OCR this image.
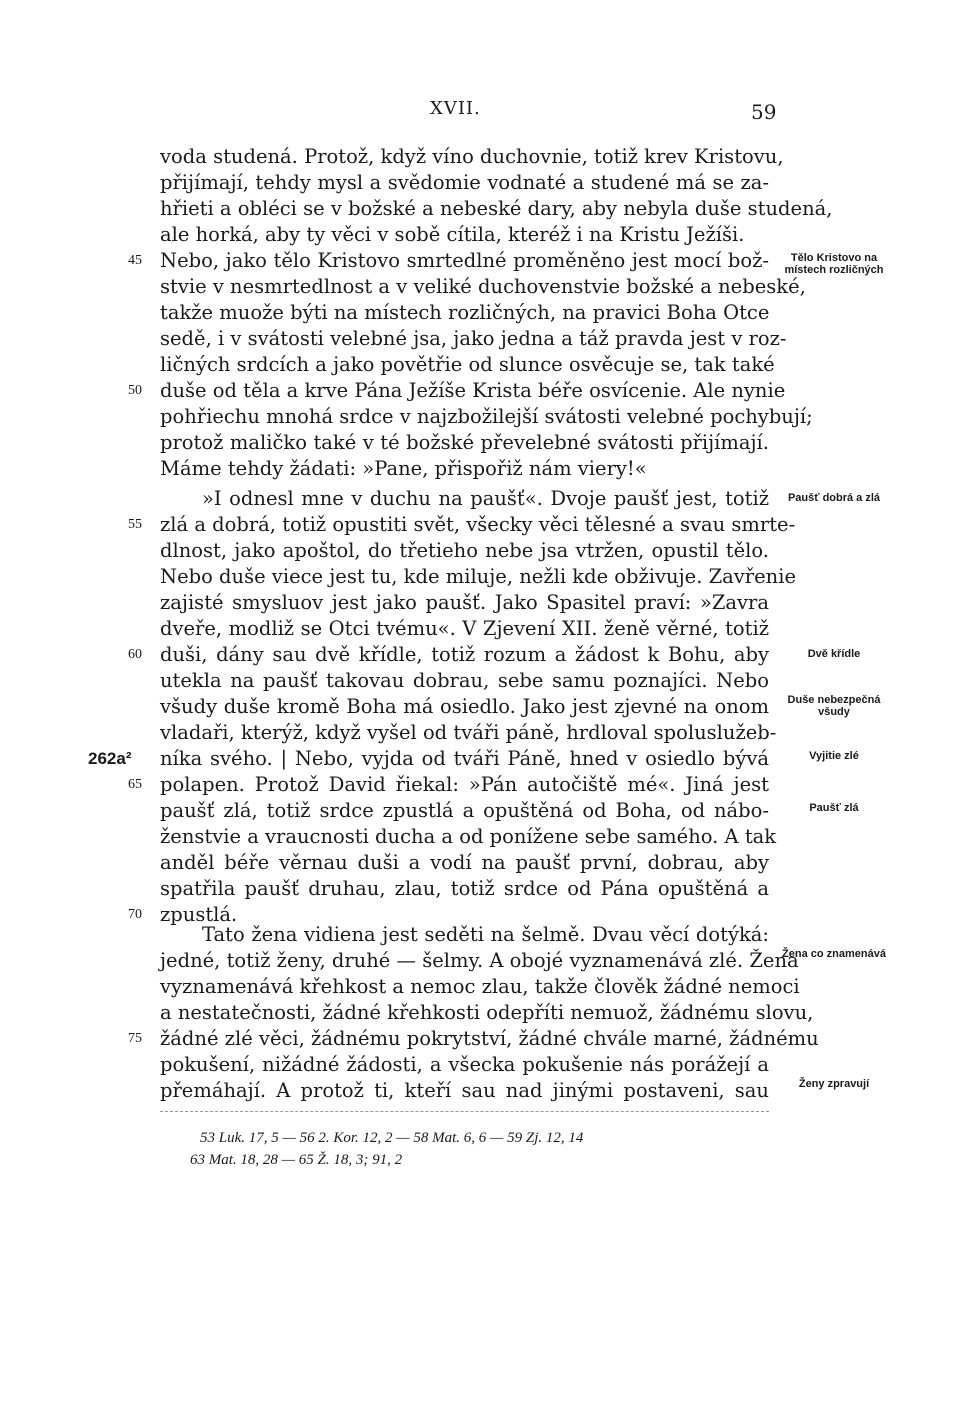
XVII.	59
voda studená. Protož, když víno duchovnie, totiž krev Kristovu,
přijímají, tehdy mysl a svědomie vodnaté a studené má se za-
hřieti a obléci se v božské a nebeské dary, aby nebyla duše studená,
ale horká, aby ty věci v sobě cítila, kteréž i na Kristu Ježíši.
Nebo, jako tělo Kristovo smrtedlné proměněno jest mocí bož-
stvie v nesmrtedlnost a v veliké duchovenstvie božské a nebeské,
takže muože býti na místech rozličných, na pravici Boha Otce
sedě, i v svátosti velebné jsa, jako jedna a táž pravda jest v roz-
ličných srdcích a jako povětřie od slunce osvěcuje se, tak také
duše od těla a krve Pána Ježíše Krista béře osvícenie. Ale nynie
pohřiechu mnohá srdce v najzbožilejší svátosti velebné pochybují;
protož maličko také v té božské převelebné svátosti přijímají.
Máme tehdy žádati: »Pane, přispořiž nám viery!«
»I odnesl mne v duchu na paušť«. Dvoje paušť jest, totiž
zlá a dobrá, totiž opustiti svět, všecky věci tělesné a svau smrte-
dlnost, jako apoštol, do třetieho nebe jsa vtržen, opustil tělo.
Nebo duše viece jest tu, kde miluje, nežli kde obživuje. Zavřenie
zajisté smysluov jest jako paušť. Jako Spasitel praví: »Zavra
dveře, modliž se Otci tvému«. V Zjevení XII. ženě věrné, totiž
duši, dány sau dvě křídle, totiž rozum a žádost k Bohu, aby
utekla na paušť takovau dobrau, sebe samu poznajíci. Nebo
všudy duše kromě Boha má osiedlo. Jako jest zjevné na onom
vladaři, kterýž, když vyšel od tváři páně, hrdloval spoluslužeb-
níka svého. | Nebo, vyjda od tváři Páně, hned v osiedlo bývá
polapen. Protož David řiekal: »Pán autočiště mé«. Jiná jest
paušť zlá, totiž srdce zpustlá a opuštěná od Boha, od nábo-
ženstvie a vraucnosti ducha a od ponížene sebe samého. A tak
anděl béře věrnau duši a vodí na paušť první, dobrau, aby
spatřila paušť druhau, zlau, totiž srdce od Pána opuštěná a
zpustlá.
Tato žena vidiena jest seděti na šelmě. Dvau věcí dotýká:
jedné, totiž ženy, druhé — šelmy. A obojé vyznamenává zlé. Žena
vyznamenává křehkost a nemoc zlau, takže člověk žádné nemoci
a nestatečnosti, žádné křehkosti odepříti nemuož, žádnému slovu,
žádné zlé věci, žádnému pokrytství, žádné chvále marné, žádnému
pokušení, nižádné žádosti, a všecka pokušenie nás porážejí a
přemáhají. A protož ti, kteří sau nad jinými postaveni, sau
45
50
55
60
65
70
75
262a²
Tělo Kristovo na místech rozličných
Paušť dobrá a zlá
Dvě křídle
Duše nebezpečná všudy
Vyjitie zlé
Paušť zlá
Žena co znamenává
Ženy zpravují
53 Luk. 17, 5 — 56 2. Kor. 12, 2 — 58 Mat. 6, 6 — 59 Zj. 12, 14
63 Mat. 18, 28 — 65 Ž. 18, 3; 91, 2
